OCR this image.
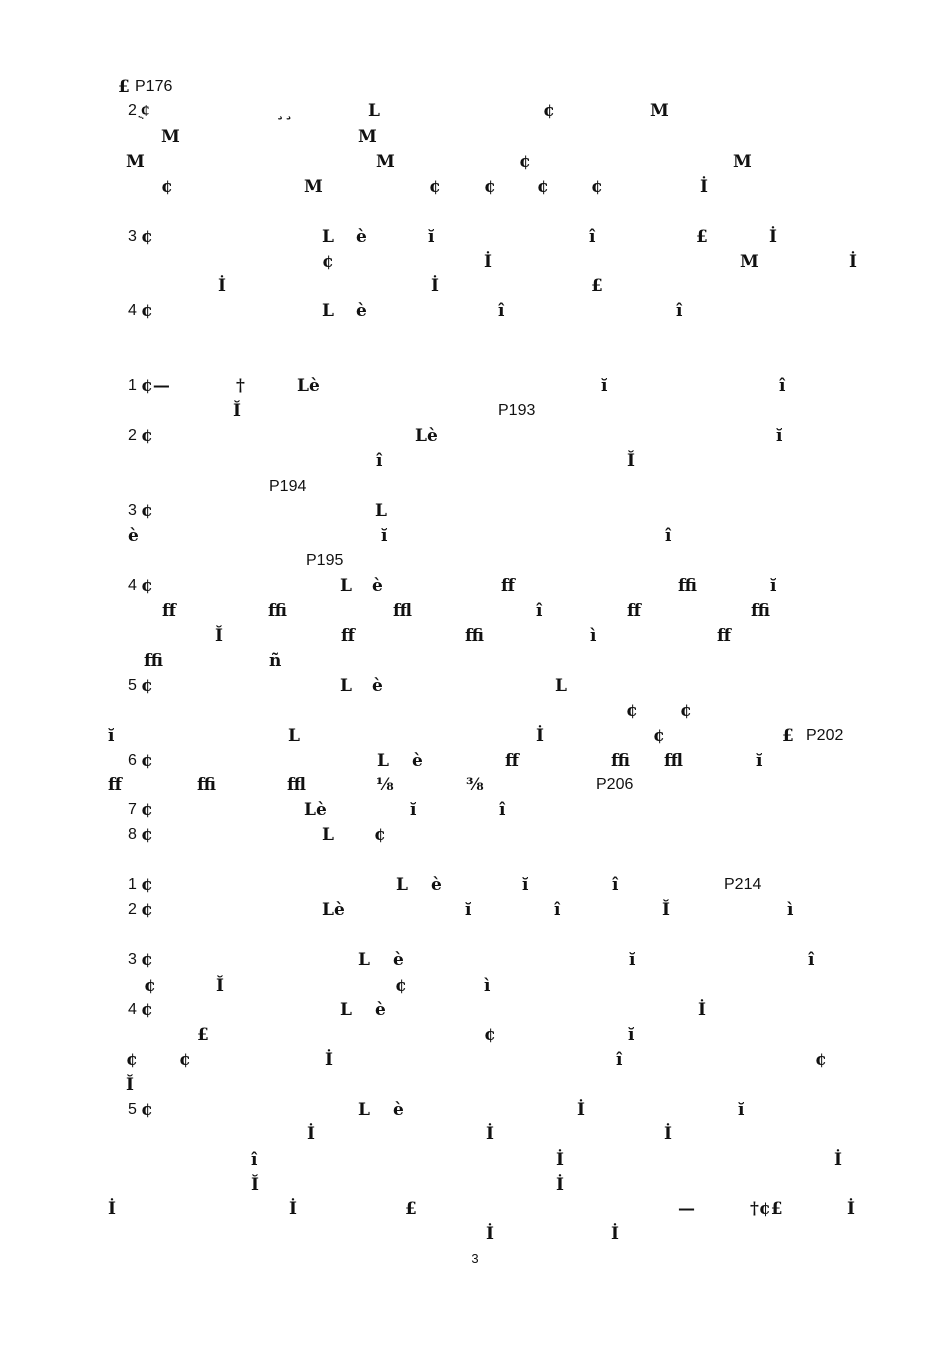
£ P176
2 ¢ֻ	¸¸	L	¢	M
M	M
M	M	¢	M
¢	M	¢	¢ ¢ ¢	İ
3 ¢	L è	ĭ	î	£	İ
¢	İ	M	İ
İ	İ	£
4 ¢	L è	î	î
1 ¢—	†	Lè	ĭ	î
Ĭ	P193
2 ¢	Lè	ĭ
î	Ĭ
P194
3 ¢	L
è	ĭ	î
P195
4 ¢	L è	ﬀ	ﬃ	ĭ
ﬀ	ﬃ	ﬄ	î	ﬀ	ﬃ
Ĭ	ﬀ	ﬃ	ì	ﬀ
ﬃ	ñ
5 ¢	L è	L
¢ ¢
ĭ	L	İ	¢	£ P202
6 ¢	L è	ﬀ	ﬃ ﬄ	ĭ
ﬀ	ﬃ	ﬄ	⅛	⅜	P206
7 ¢	Lè	ĭ	î
8 ¢	L ¢
1 ¢	L è	ĭ	î	P214
2 ¢	Lè	ĭ	î	Ĭ	ì
3 ¢	L è	ĭ	î
¢	Ĭ	¢	ì
4 ¢	L è	İ
£	¢	ĭ
¢ ¢	İ	î	¢
Ĭ
5 ¢	L è	İ	ĭ
İ	İ	İ
î	İ	İ
Ĭ	İ
İ	İ	£	—	†¢£	İ
İ	İ
3
